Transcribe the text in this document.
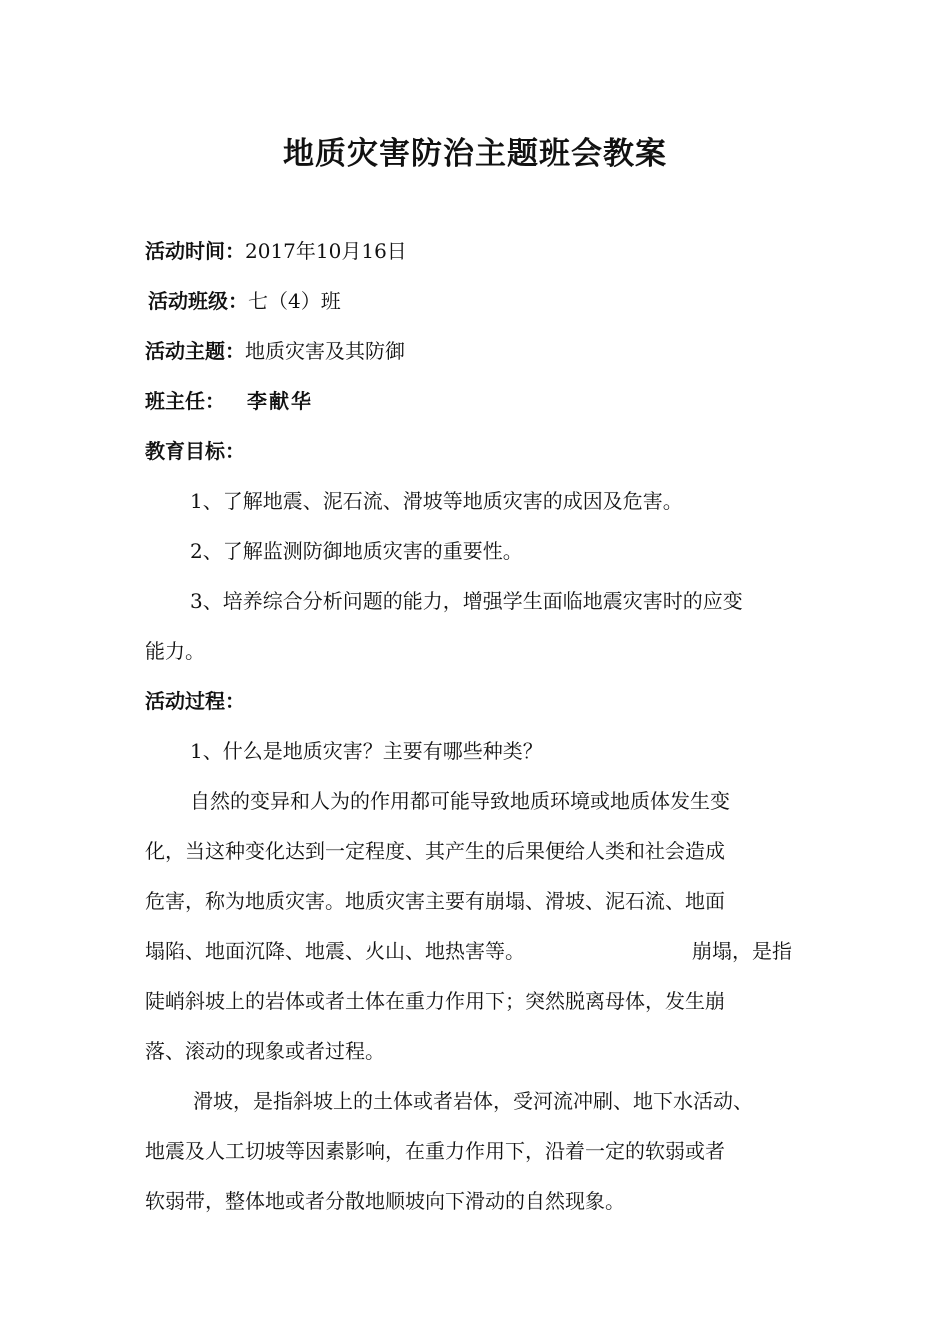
地质灾害防治主题班会教案
活动时间：2017年10月16日
活动班级：七（4）班
活动主题：地质灾害及其防御
班主任： 李献华
教育目标：
1、了解地震、泥石流、滑坡等地质灾害的成因及危害。
2、了解监测防御地质灾害的重要性。
3、培养综合分析问题的能力，增强学生面临地震灾害时的应变
能力。
活动过程：
1、什么是地质灾害？主要有哪些种类？
自然的变异和人为的作用都可能导致地质环境或地质体发生变
化，当这种变化达到一定程度、其产生的后果便给人类和社会造成
危害，称为地质灾害。地质灾害主要有崩塌、滑坡、泥石流、地面
塌陷、地面沉降、地震、火山、地热害等。	崩塌，是指
陡峭斜坡上的岩体或者土体在重力作用下；突然脱离母体，发生崩
落、滚动的现象或者过程。
滑坡，是指斜坡上的土体或者岩体，受河流冲刷、地下水活动、
地震及人工切坡等因素影响，在重力作用下，沿着一定的软弱或者
软弱带，整体地或者分散地顺坡向下滑动的自然现象。
